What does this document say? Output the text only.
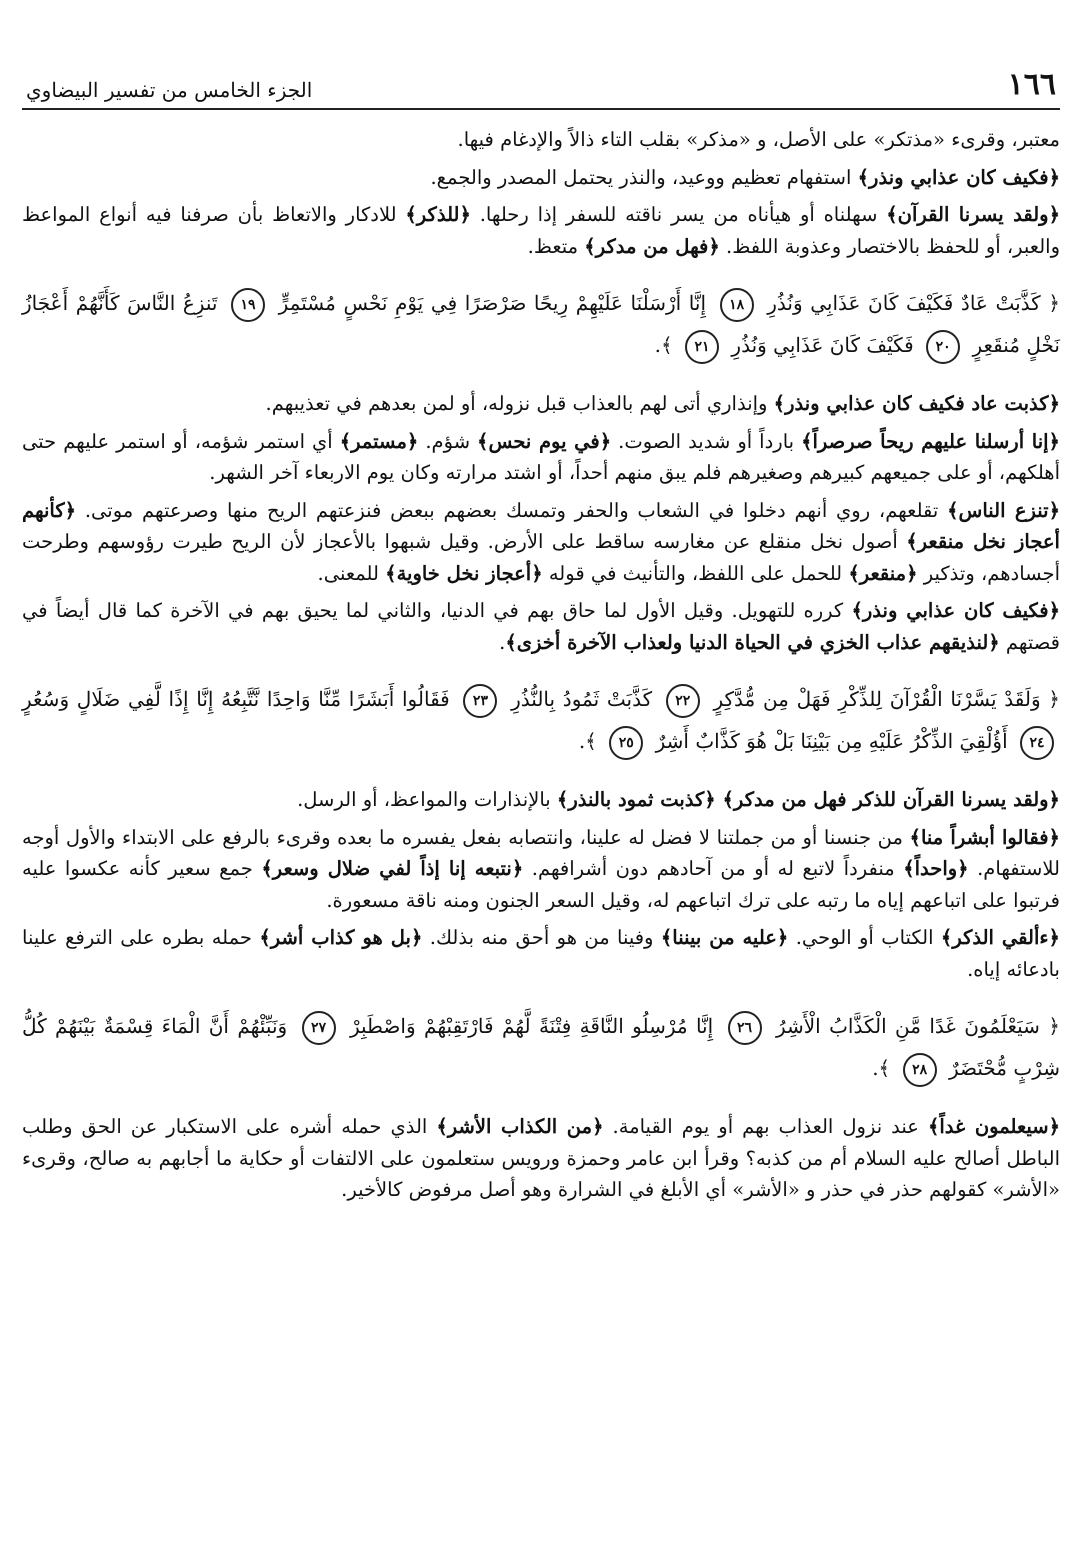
١٦٦
الجزء الخامس من تفسير البيضاوي

معتبر، وقرىء «مذتكر» على الأصل، و «مذكر» بقلب التاء ذالاً والإدغام فيها.

﴿فكيف كان عذابي ونذر﴾ استفهام تعظيم ووعيد، والنذر يحتمل المصدر والجمع.

﴿ولقد يسرنا القرآن﴾ سهلناه أو هيأناه من يسر ناقته للسفر إذا رحلها. ﴿للذكر﴾ للادكار والاتعاظ بأن صرفنا فيه أنواع المواعظ والعبر، أو للحفظ بالاختصار وعذوبة اللفظ. ﴿فهل من مدكر﴾ متعظ.

﴿ كَذَّبَتْ عَادٌ فَكَيْفَ كَانَ عَذَابِي وَنُذُرِ ١٨ إِنَّا أَرْسَلْنَا عَلَيْهِمْ رِيحًا صَرْصَرًا فِي يَوْمِ نَحْسٍ مُسْتَمِرٍّ ١٩ تَنزِعُ النَّاسَ كَأَنَّهُمْ أَعْجَازُ نَخْلٍ مُنقَعِرٍ ٢٠ فَكَيْفَ كَانَ عَذَابِي وَنُذُرِ ٢١ ﴾.

﴿كذبت عاد فكيف كان عذابي ونذر﴾ وإنذاري أتى لهم بالعذاب قبل نزوله، أو لمن بعدهم في تعذيبهم.

﴿إنا أرسلنا عليهم ريحاً صرصراً﴾ بارداً أو شديد الصوت. ﴿في يوم نحس﴾ شؤم. ﴿مستمر﴾ أي استمر شؤمه، أو استمر عليهم حتى أهلكهم، أو على جميعهم كبيرهم وصغيرهم فلم يبق منهم أحداً، أو اشتد مرارته وكان يوم الاربعاء آخر الشهر.

﴿تنزع الناس﴾ تقلعهم، روي أنهم دخلوا في الشعاب والحفر وتمسك بعضهم ببعض فنزعتهم الريح منها وصرعتهم موتى. ﴿كأنهم أعجاز نخل منقعر﴾ أصول نخل منقلع عن مغارسه ساقط على الأرض. وقيل شبهوا بالأعجاز لأن الريح طيرت رؤوسهم وطرحت أجسادهم، وتذكير ﴿منقعر﴾ للحمل على اللفظ، والتأنيث في قوله ﴿أعجاز نخل خاوية﴾ للمعنى.

﴿فكيف كان عذابي ونذر﴾ كرره للتهويل. وقيل الأول لما حاق بهم في الدنيا، والثاني لما يحيق بهم في الآخرة كما قال أيضاً في قصتهم ﴿لنذيقهم عذاب الخزي في الحياة الدنيا ولعذاب الآخرة أخزى﴾.

﴿ وَلَقَدْ يَسَّرْنَا الْقُرْآنَ لِلذِّكْرِ فَهَلْ مِن مُّدَّكِرٍ ٢٢ كَذَّبَتْ ثَمُودُ بِالنُّذُرِ ٢٣ فَقَالُوا أَبَشَرًا مِّنَّا وَاحِدًا نَّتَّبِعُهُ إِنَّا إِذًا لَّفِي ضَلَالٍ وَسُعُرٍ ٢٤ أَؤُلْقِيَ الذِّكْرُ عَلَيْهِ مِن بَيْنِنَا بَلْ هُوَ كَذَّابٌ أَشِرٌ ٢٥ ﴾.

﴿ولقد يسرنا القرآن للذكر فهل من مدكر﴾ ﴿كذبت ثمود بالنذر﴾ بالإنذارات والمواعظ، أو الرسل.

﴿فقالوا أبشراً منا﴾ من جنسنا أو من جملتنا لا فضل له علينا، وانتصابه بفعل يفسره ما بعده وقرىء بالرفع على الابتداء والأول أوجه للاستفهام. ﴿واحداً﴾ منفرداً لاتبع له أو من آحادهم دون أشرافهم. ﴿نتبعه إنا إذاً لفي ضلال وسعر﴾ جمع سعير كأنه عكسوا عليه فرتبوا على اتباعهم إياه ما رتبه على ترك اتباعهم له، وقيل السعر الجنون ومنه ناقة مسعورة.

﴿ءألقي الذكر﴾ الكتاب أو الوحي. ﴿عليه من بيننا﴾ وفينا من هو أحق منه بذلك. ﴿بل هو كذاب أشر﴾ حمله بطره على الترفع علينا بادعائه إياه.

﴿ سَيَعْلَمُونَ غَدًا مَّنِ الْكَذَّابُ الْأَشِرُ ٢٦ إِنَّا مُرْسِلُو النَّاقَةِ فِتْنَةً لَّهُمْ فَارْتَقِبْهُمْ وَاصْطَبِرْ ٢٧ وَنَبِّئْهُمْ أَنَّ الْمَاءَ قِسْمَةٌ بَيْنَهُمْ كُلُّ شِرْبٍ مُّحْتَضَرٌ ٢٨ ﴾.

﴿سيعلمون غداً﴾ عند نزول العذاب بهم أو يوم القيامة. ﴿من الكذاب الأشر﴾ الذي حمله أشره على الاستكبار عن الحق وطلب الباطل أصالح عليه السلام أم من كذبه؟ وقرأ ابن عامر وحمزة ورويس ستعلمون على الالتفات أو حكاية ما أجابهم به صالح، وقرىء «الأشر» كقولهم حذر في حذر و «الأشر» أي الأبلغ في الشرارة وهو أصل مرفوض كالأخير.
